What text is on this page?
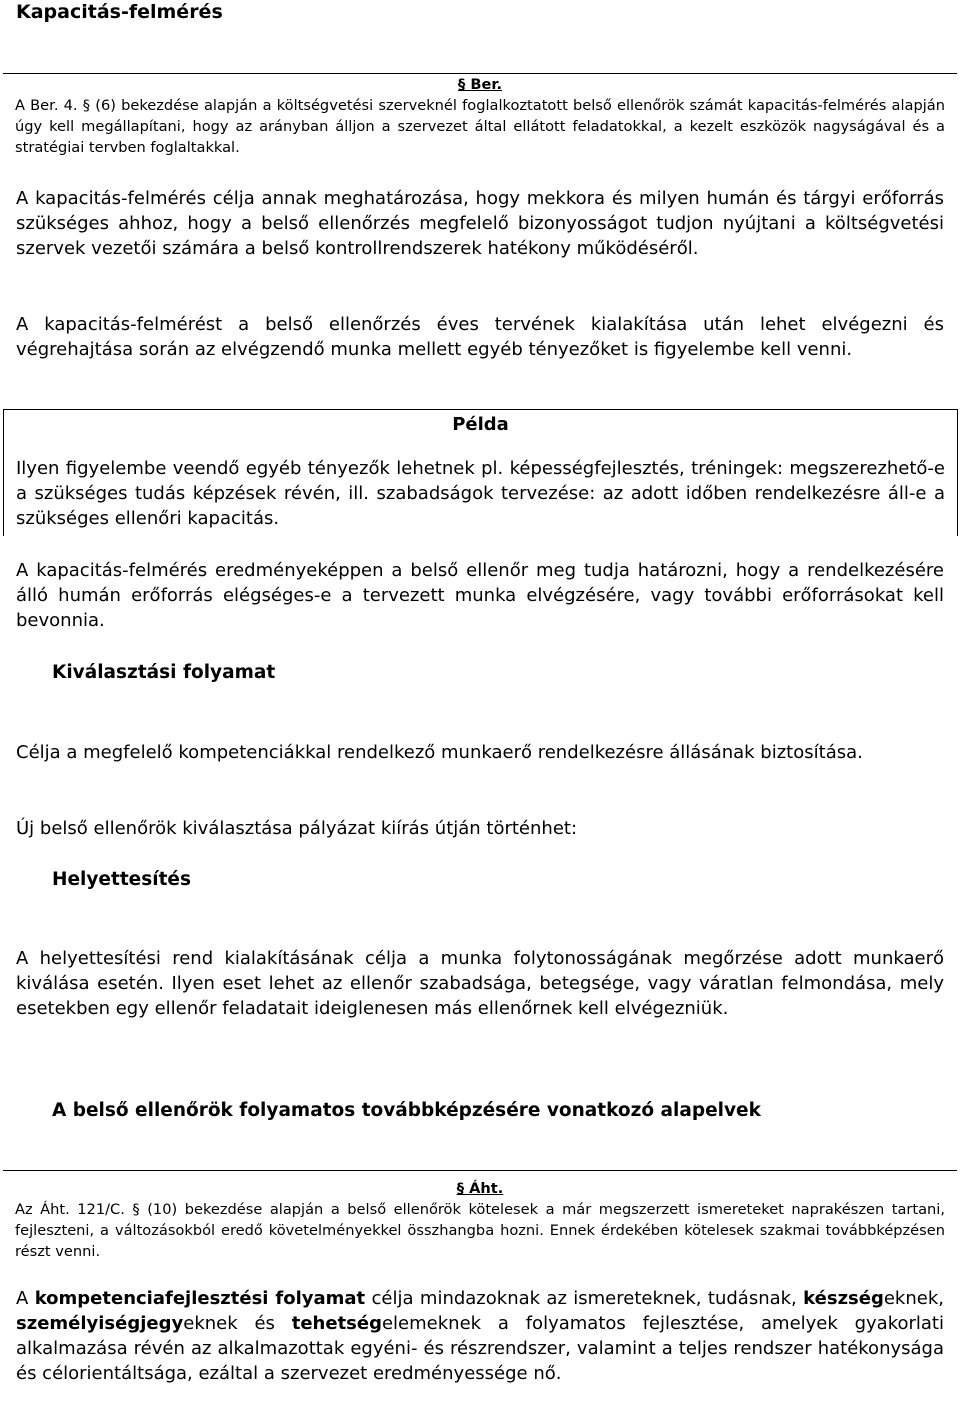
Kapacitás-felmérés
§ Ber.
A Ber. 4. § (6) bekezdése alapján a költségvetési szerveknél foglalkoztatott belső ellenőrök számát kapacitás-felmérés alapján úgy kell megállapítani, hogy az arányban álljon a szervezet által ellátott feladatokkal, a kezelt eszközök nagyságával és a stratégiai tervben foglaltakkal.

A kapacitás-felmérés célja annak meghatározása, hogy mekkora és milyen humán és tárgyi erőforrás szükséges ahhoz, hogy a belső ellenőrzés megfelelő bizonyosságot tudjon nyújtani a költségvetési szervek vezetői számára a belső kontrollrendszerek hatékony működéséről.

A kapacitás-felmérést a belső ellenőrzés éves tervének kialakítása után lehet elvégezni és végrehajtása során az elvégzendő munka mellett egyéb tényezőket is figyelembe kell venni.

Példa
Ilyen figyelembe veendő egyéb tényezők lehetnek pl. képességfejlesztés, tréningek: megszerezhető-e a szükséges tudás képzések révén, ill. szabadságok tervezése: az adott időben rendelkezésre áll-e a szükséges ellenőri kapacitás.

A kapacitás-felmérés eredményeképpen a belső ellenőr meg tudja határozni, hogy a rendelkezésére álló humán erőforrás elégséges-e a tervezett munka elvégzésére, vagy további erőforrásokat kell bevonnia.

Kiválasztási folyamat

Célja a megfelelő kompetenciákkal rendelkező munkaerő rendelkezésre állásának biztosítása.

Új belső ellenőrök kiválasztása pályázat kiírás útján történhet:

Helyettesítés

A helyettesítési rend kialakításának célja a munka folytonosságának megőrzése adott munkaerő kiválása esetén. Ilyen eset lehet az ellenőr szabadsága, betegsége, vagy váratlan felmondása, mely esetekben egy ellenőr feladatait ideiglenesen más ellenőrnek kell elvégezniük.

A belső ellenőrök folyamatos továbbképzésére vonatkozó alapelvek
§ Áht.
Az Áht. 121/C. § (10) bekezdése alapján a belső ellenőrök kötelesek a már megszerzett ismereteket naprakészen tartani, fejleszteni, a változásokból eredő követelményekkel összhangba hozni. Ennek érdekében kötelesek szakmai továbbképzésen részt venni.

A kompetenciafejlesztési folyamat célja mindazoknak az ismereteknek, tudásnak, készségeknek, személyiségjegyeknek és tehetségelemeknek a folyamatos fejlesztése, amelyek gyakorlati alkalmazása révén az alkalmazottak egyéni- és részrendszer, valamint a teljes rendszer hatékonysága és célorientáltsága, ezáltal a szervezet eredményessége nő.
